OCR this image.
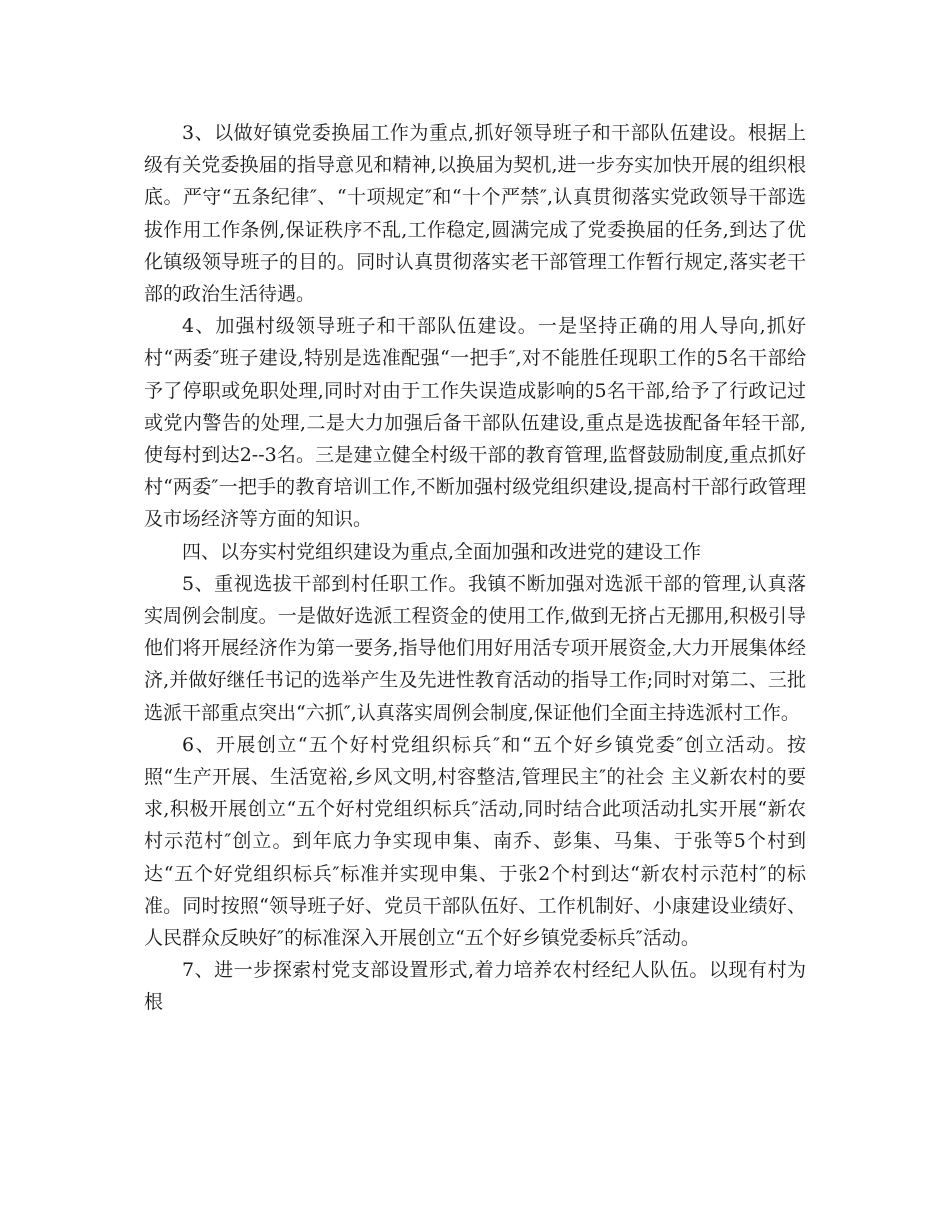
3、以做好镇党委换届工作为重点,抓好领导班子和干部队伍建设。根据上级有关党委换届的指导意见和精神,以换届为契机,进一步夯实加快开展的组织根底。严守“五条纪律″、“十项规定″和“十个严禁″,认真贯彻落实党政领导干部选拔作用工作条例,保证秩序不乱,工作稳定,圆满完成了党委换届的任务,到达了优化镇级领导班子的目的。同时认真贯彻落实老干部管理工作暂行规定,落实老干部的政治生活待遇。

4、加强村级领导班子和干部队伍建设。一是坚持正确的用人导向,抓好村“两委″班子建设,特别是选准配强“一把手″,对不能胜任现职工作的5名干部给予了停职或免职处理,同时对由于工作失误造成影响的5名干部,给予了行政记过或党内警告的处理,二是大力加强后备干部队伍建设,重点是选拔配备年轻干部,使每村到达2--3名。三是建立健全村级干部的教育管理,监督鼓励制度,重点抓好村“两委″一把手的教育培训工作,不断加强村级党组织建设,提高村干部行政管理及市场经济等方面的知识。

四、以夯实村党组织建设为重点,全面加强和改进党的建设工作

5、重视选拔干部到村任职工作。我镇不断加强对选派干部的管理,认真落实周例会制度。一是做好选派工程资金的使用工作,做到无挤占无挪用,积极引导他们将开展经济作为第一要务,指导他们用好用活专项开展资金,大力开展集体经济,并做好继任书记的选举产生及先进性教育活动的指导工作;同时对第二、三批选派干部重点突出“六抓″,认真落实周例会制度,保证他们全面主持选派村工作。

6、开展创立“五个好村党组织标兵″和“五个好乡镇党委″创立活动。按照“生产开展、生活宽裕,乡风文明,村容整洁,管理民主″的社会 主义新农村的要求,积极开展创立“五个好村党组织标兵″活动,同时结合此项活动扎实开展“新农村示范村″创立。到年底力争实现申集、南乔、彭集、马集、于张等5个村到达“五个好党组织标兵″标准并实现申集、于张2个村到达“新农村示范村″的标准。同时按照“领导班子好、党员干部队伍好、工作机制好、小康建设业绩好、人民群众反映好″的标准深入开展创立“五个好乡镇党委标兵″活动。

7、进一步探索村党支部设置形式,着力培养农村经纪人队伍。以现有村为根
